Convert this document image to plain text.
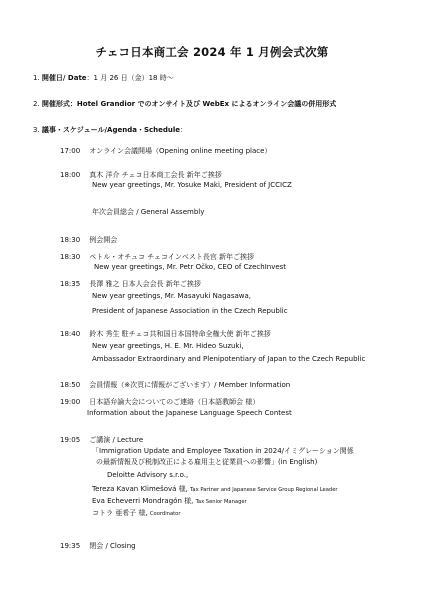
チェコ日本商工会 2024 年 1 月例会式次第
1. 開催日/ Date：1 月 26 日（金）18 時～
2. 開催形式：Hotel Grandior でのオンサイト及び WebEx によるオンライン会議の併用形式
3. 議事・スケジュール/Agenda・Schedule：
17:00 オンライン会議開場（Opening online meeting place）
18:00 真木 洋介 チェコ日本商工会長 新年ご挨拶
New year greetings, Mr. Yosuke Maki, President of JCCICZ
年次会員総会 / General Assembly
18:30 例会開会
18:30 ペトル・オチュコ チェコインベスト長官 新年ご挨拶
New year greetings, Mr. Petr Očko, CEO of CzechInvest
18:35 長澤 雅之 日本人会会長 新年ご挨拶
New year greetings, Mr. Masayuki Nagasawa,
President of Japanese Association in the Czech Republic
18:40 鈴木 秀生 駐チェコ共和国日本国特命全権大使 新年ご挨拶
New year greetings, H. E. Mr. Hideo Suzuki,
Ambassador Extraordinary and Plenipotentiary of Japan to the Czech Republic
18:50 会員情報（※次頁に情報がございます）/ Member Information
19:00 日本語弁論大会についてのご連絡（日本語教師会 様）
Information about the Japanese Language Speech Contest
19:05 ご講演 / Lecture
「Immigration Update and Employee Taxation in 2024/イミグレーション関係
の最新情報及び税制改正による雇用主と従業員への影響」(in English)
Deloitte Advisory s.r.o.,
Tereza Kavan Klimešová 様, Tax Partner and Japanese Service Group Regional Leader
Eva Echeverri Mondragón 様, Tax Senior Manager
コトラ 亜希子 様, Coordinator
19:35 閉会 / Closing
